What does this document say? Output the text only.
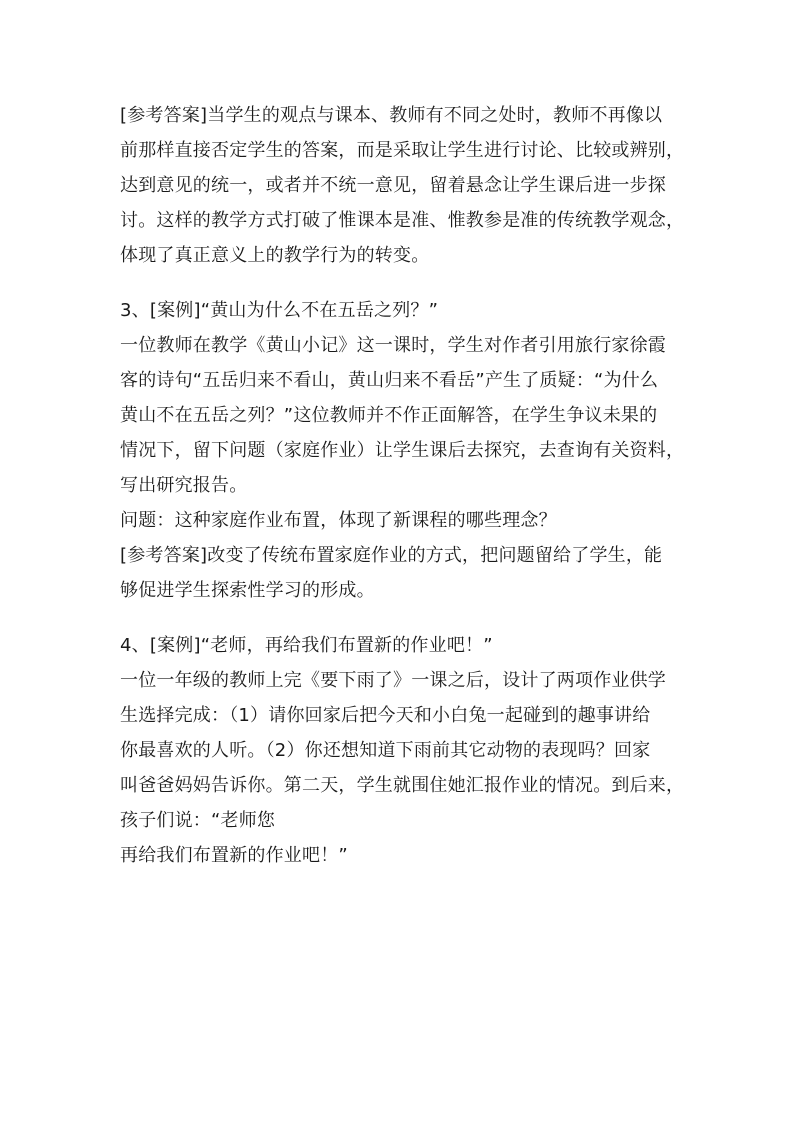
[参考答案]当学生的观点与课本、教师有不同之处时，教师不再像以
前那样直接否定学生的答案，而是采取让学生进行讨论、比较或辨别，
达到意见的统一，或者并不统一意见，留着悬念让学生课后进一步探
讨。这样的教学方式打破了惟课本是准、惟教参是准的传统教学观念，
体现了真正意义上的教学行为的转变。
3、[案例]“黄山为什么不在五岳之列？”
一位教师在教学《黄山小记》这一课时，学生对作者引用旅行家徐霞
客的诗句“五岳归来不看山，黄山归来不看岳”产生了质疑：“为什么
黄山不在五岳之列？”这位教师并不作正面解答，在学生争议未果的
情况下，留下问题（家庭作业）让学生课后去探究，去查询有关资料，
写出研究报告。
问题：这种家庭作业布置，体现了新课程的哪些理念？
[参考答案]改变了传统布置家庭作业的方式，把问题留给了学生，能
够促进学生探索性学习的形成。
4、[案例]“老师，再给我们布置新的作业吧！”
一位一年级的教师上完《要下雨了》一课之后，设计了两项作业供学
生选择完成：（1）请你回家后把今天和小白兔一起碰到的趣事讲给
你最喜欢的人听。（2）你还想知道下雨前其它动物的表现吗？回家
叫爸爸妈妈告诉你。第二天，学生就围住她汇报作业的情况。到后来，
孩子们说：“老师您
再给我们布置新的作业吧！”
